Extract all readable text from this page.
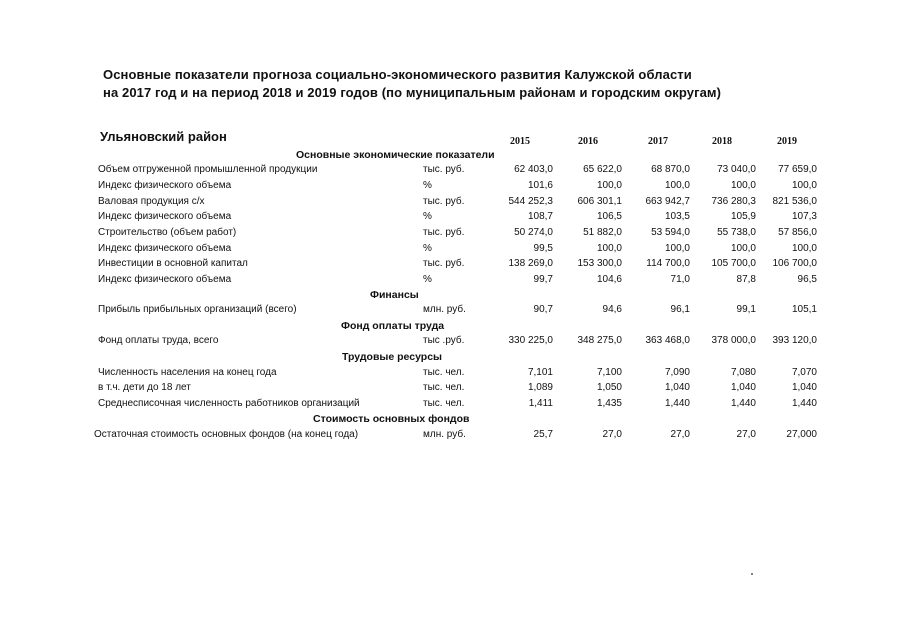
Основные показатели прогноза социально-экономического развития Калужской области
на 2017 год и на период 2018 и 2019 годов (по муниципальным районам и городским округам)
Ульяновский район	2015	2016	2017	2018	2019
Основные экономические показатели
Объем отгруженной промышленной продукции	тыс. руб.	62 403,0	65 622,0	68 870,0	73 040,0	77 659,0
Индекс физического объема	%	101,6	100,0	100,0	100,0	100,0
Валовая продукция с/х	тыс. руб.	544 252,3	606 301,1	663 942,7	736 280,3	821 536,0
Индекс физического объема	%	108,7	106,5	103,5	105,9	107,3
Строительство (объем работ)	тыс. руб.	50 274,0	51 882,0	53 594,0	55 738,0	57 856,0
Индекс физического объема	%	99,5	100,0	100,0	100,0	100,0
Инвестиции в основной капитал	тыс. руб.	138 269,0	153 300,0	114 700,0	105 700,0	106 700,0
Индекс физического объема	%	99,7	104,6	71,0	87,8	96,5
Финансы
Прибыль прибыльных организаций (всего)	млн. руб.	90,7	94,6	96,1	99,1	105,1
Фонд оплаты труда
Фонд оплаты труда, всего	тыс .руб.	330 225,0	348 275,0	363 468,0	378 000,0	393 120,0
Трудовые ресурсы
Численность населения на конец года	тыс. чел.	7,101	7,100	7,090	7,080	7,070
в т.ч. дети до 18 лет	тыс. чел.	1,089	1,050	1,040	1,040	1,040
Среднесписочная численность работников организаций	тыс. чел.	1,411	1,435	1,440	1,440	1,440
Стоимость основных фондов
Остаточная стоимость основных фондов (на конец года)	млн. руб.	25,7	27,0	27,0	27,0	27,000
